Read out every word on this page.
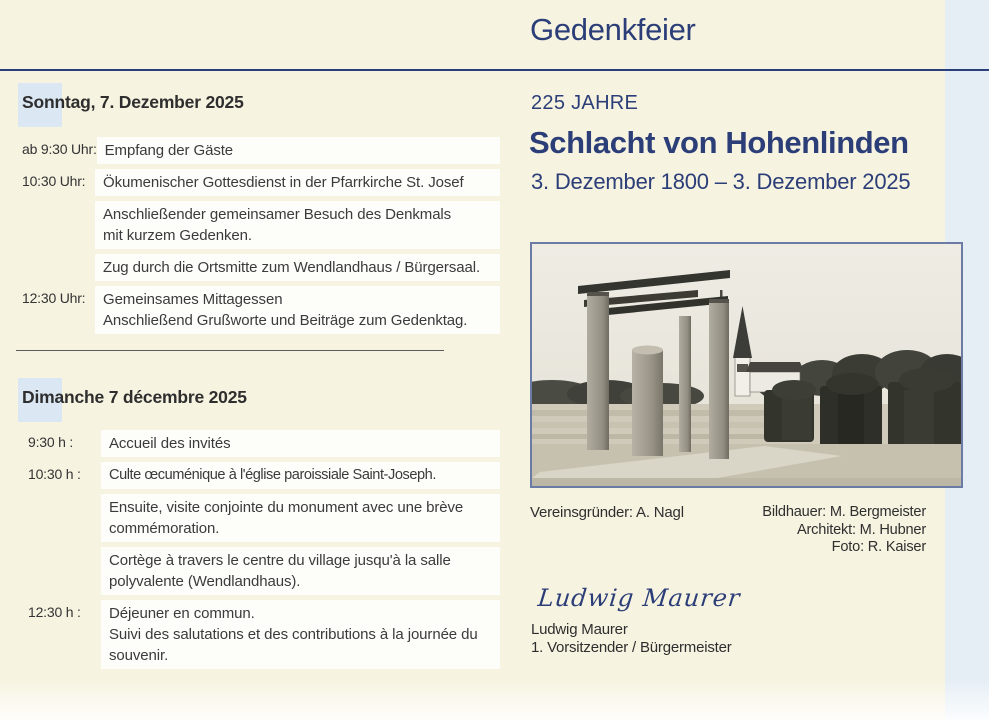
Gedenkfeier
Sonntag, 7. Dezember 2025
ab 9:30 Uhr: Empfang der Gäste
10:30 Uhr:	Ökumenischer Gottesdienst in der Pfarrkirche St. Josef
Anschließender gemeinsamer Besuch des Denkmals
mit kurzem Gedenken.
Zug durch die Ortsmitte zum Wendlandhaus / Bürgersaal.
12:30 Uhr:	Gemeinsames Mittagessen
Anschließend Grußworte und Beiträge zum Gedenktag.
Dimanche 7 décembre 2025
9:30 h :	Accueil des invités
10:30 h :	Culte œcuménique à l'église paroissiale Saint-Joseph.
Ensuite, visite conjointe du monument avec une brève
commémoration.
Cortège à travers le centre du village jusqu'à la salle
polyvalente (Wendlandhaus).
12:30 h :	Déjeuner en commun.
Suivi des salutations et des contributions à la journée du
souvenir.
225 JAHRE
Schlacht von Hohenlinden
3. Dezember 1800 – 3. Dezember 2025
Vereinsgründer: A. Nagl	Bildhauer: M. Bergmeister
Architekt: M. Hubner
Foto: R. Kaiser
Ludwig Maurer
Ludwig Maurer
1. Vorsitzender / Bürgermeister
